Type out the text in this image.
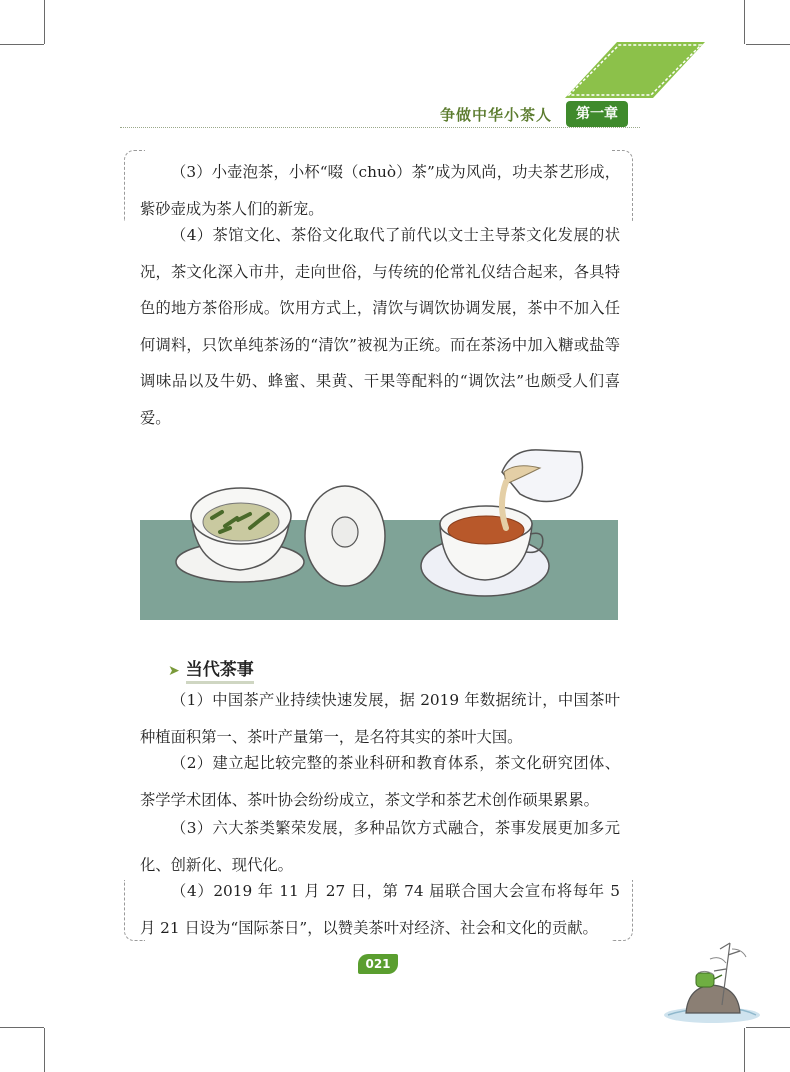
争做中华小茶人	第一章

（3）小壶泡茶，小杯“啜（chuò）茶”成为风尚，功夫茶艺形成，紫砂壶成为茶人们的新宠。

（4）茶馆文化、茶俗文化取代了前代以文士主导茶文化发展的状况，茶文化深入市井，走向世俗，与传统的伦常礼仪结合起来，各具特色的地方茶俗形成。饮用方式上，清饮与调饮协调发展，茶中不加入任何调料，只饮单纯茶汤的“清饮”被视为正统。而在茶汤中加入糖或盐等调味品以及牛奶、蜂蜜、果黄、干果等配料的“调饮法”也颇受人们喜爱。

➤ 当代茶事

（1）中国茶产业持续快速发展，据 2019 年数据统计，中国茶叶种植面积第一、茶叶产量第一，是名符其实的茶叶大国。

（2）建立起比较完整的茶业科研和教育体系，茶文化研究团体、茶学学术团体、茶叶协会纷纷成立，茶文学和茶艺术创作硕果累累。

（3）六大茶类繁荣发展，多种品饮方式融合，茶事发展更加多元化、创新化、现代化。

（4）2019 年 11 月 27 日，第 74 届联合国大会宣布将每年 5 月 21 日设为“国际茶日”，以赞美茶叶对经济、社会和文化的贡献。

021
